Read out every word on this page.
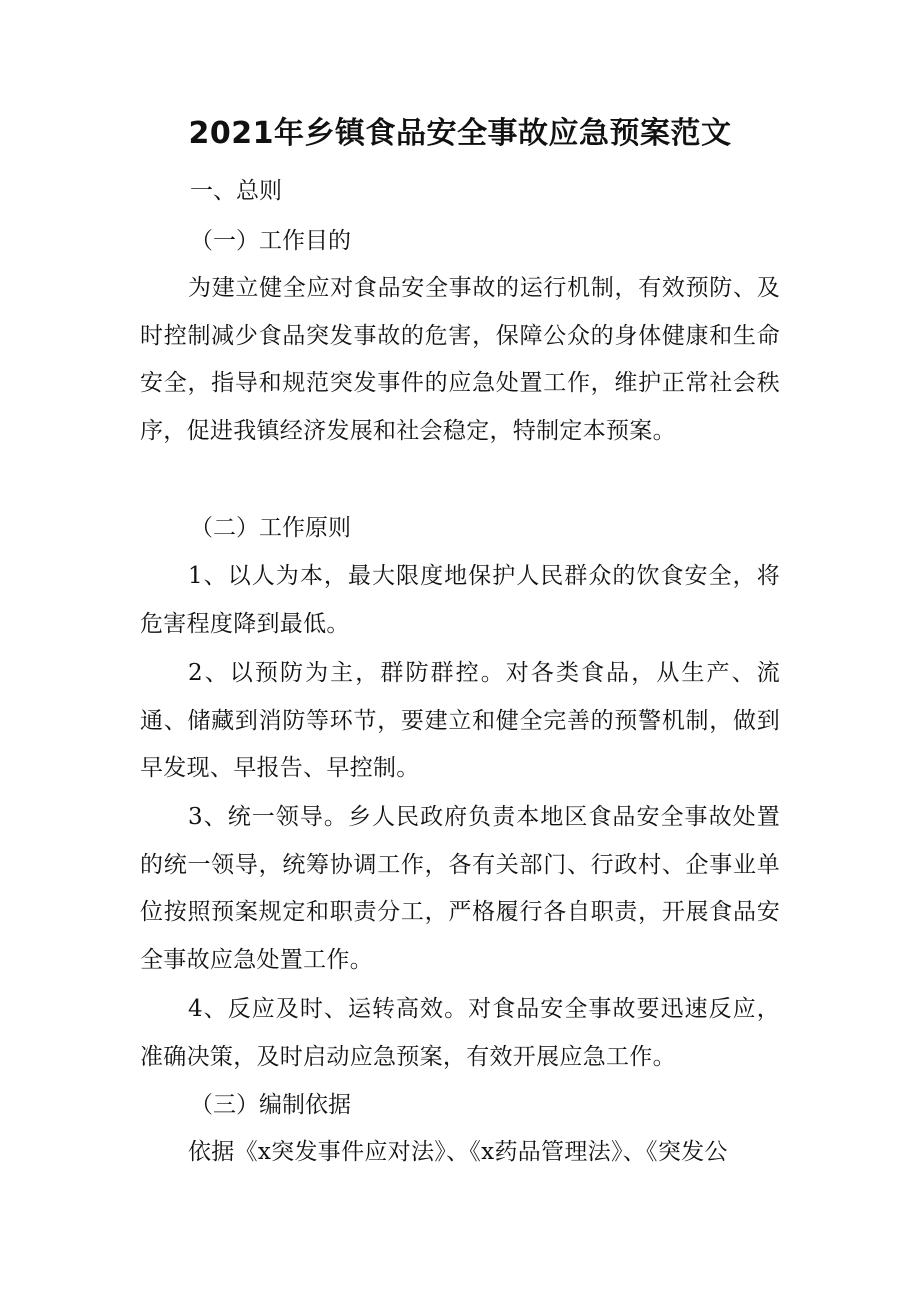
2021年乡镇食品安全事故应急预案范文
一、总则
（一）工作目的
为建立健全应对食品安全事故的运行机制，有效预防、及时控制减少食品突发事故的危害，保障公众的身体健康和生命安全，指导和规范突发事件的应急处置工作，维护正常社会秩序，促进我镇经济发展和社会稳定，特制定本预案。
（二）工作原则
1、以人为本，最大限度地保护人民群众的饮食安全，将危害程度降到最低。
2、以预防为主，群防群控。对各类食品，从生产、流通、储藏到消防等环节，要建立和健全完善的预警机制，做到早发现、早报告、早控制。
3、统一领导。乡人民政府负责本地区食品安全事故处置的统一领导，统筹协调工作，各有关部门、行政村、企事业单位按照预案规定和职责分工，严格履行各自职责，开展食品安全事故应急处置工作。
4、反应及时、运转高效。对食品安全事故要迅速反应，准确决策，及时启动应急预案，有效开展应急工作。
（三）编制依据
依据《x突发事件应对法》、《x药品管理法》、《突发公
